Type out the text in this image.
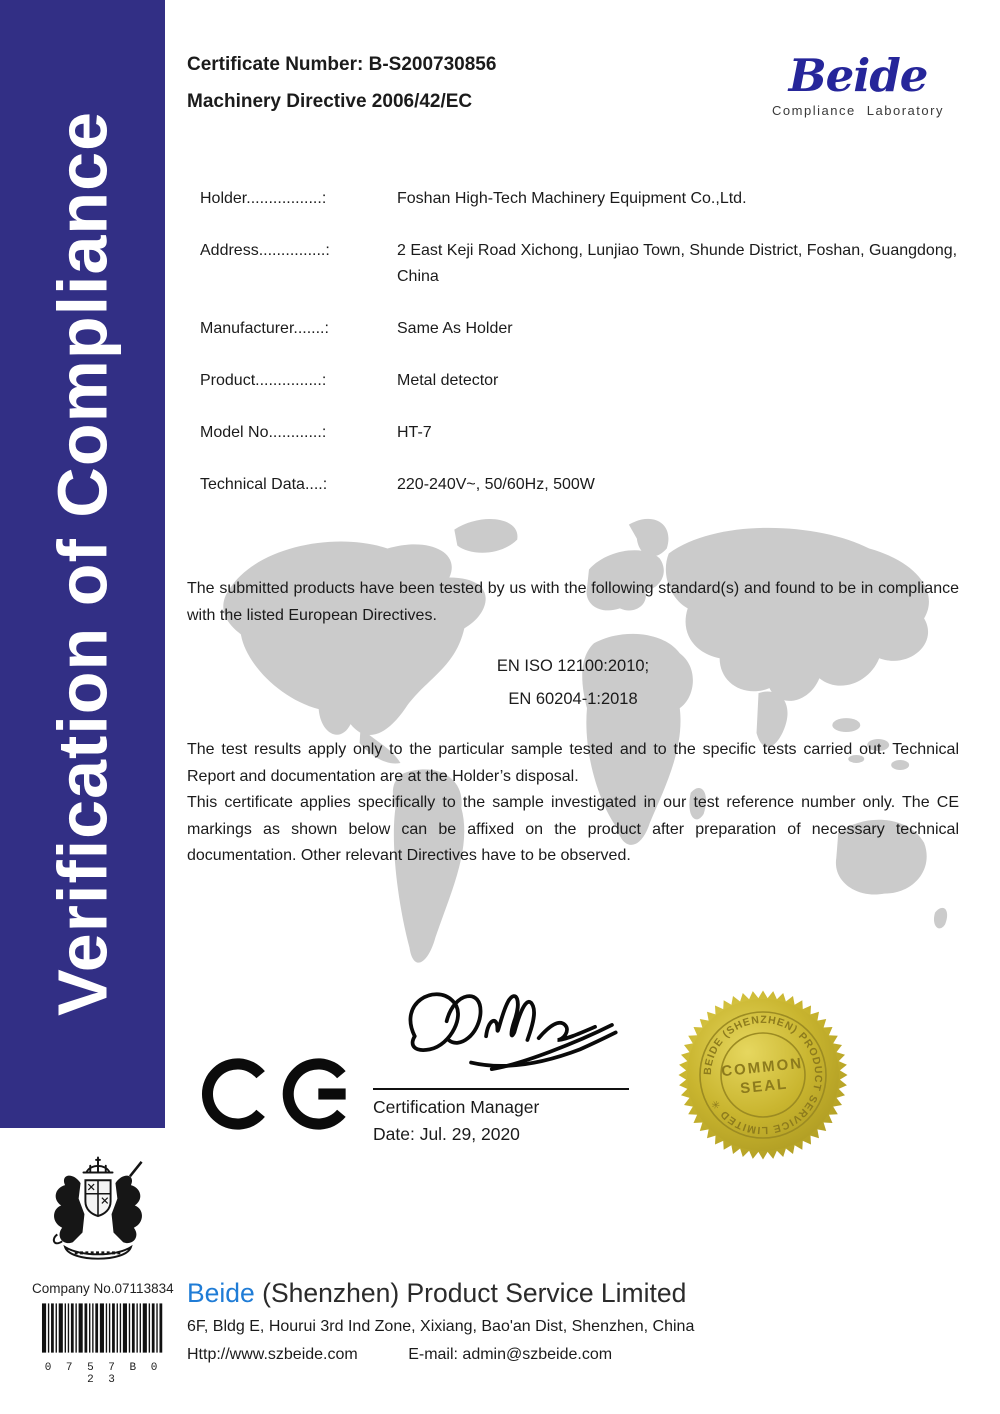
Verification of Compliance
Certificate Number: B-S200730856
Machinery Directive 2006/42/EC	Beide
Compliance Laboratory
Holder.................:	Foshan High-Tech Machinery Equipment Co.,Ltd.
Address...............:	2 East Keji Road Xichong, Lunjiao Town, Shunde District, Foshan, Guangdong, China
Manufacturer.......:	Same As Holder
Product...............:	Metal detector
Model No............:	HT-7
Technical Data....:	220-240V~, 50/60Hz, 500W
The submitted products have been tested by us with the following standard(s) and found to be in compliance with the listed European Directives.
EN ISO 12100:2010;
EN 60204-1:2018

The test results apply only to the particular sample tested and to the specific tests carried out. Technical Report and documentation are at the Holder’s disposal.

This certificate applies specifically to the sample investigated in our test reference number only. The CE markings as shown below can be affixed on the product after preparation of necessary technical documentation. Other relevant Directives have to be observed.

Certification Manager
Date: Jul. 29, 2020
BEIDE (SHENZHEN) PRODUCT SERVICE LIMITED ✳
COMMON
SEAL
Company No.07113834
0 7 5 7 B 0 2 3
Beide (Shenzhen) Product Service Limited
6F, Bldg E, Hourui 3rd Ind Zone, Xixiang, Bao'an Dist, Shenzhen, China
Http://www.szbeide.com	E-mail: admin@szbeide.com
